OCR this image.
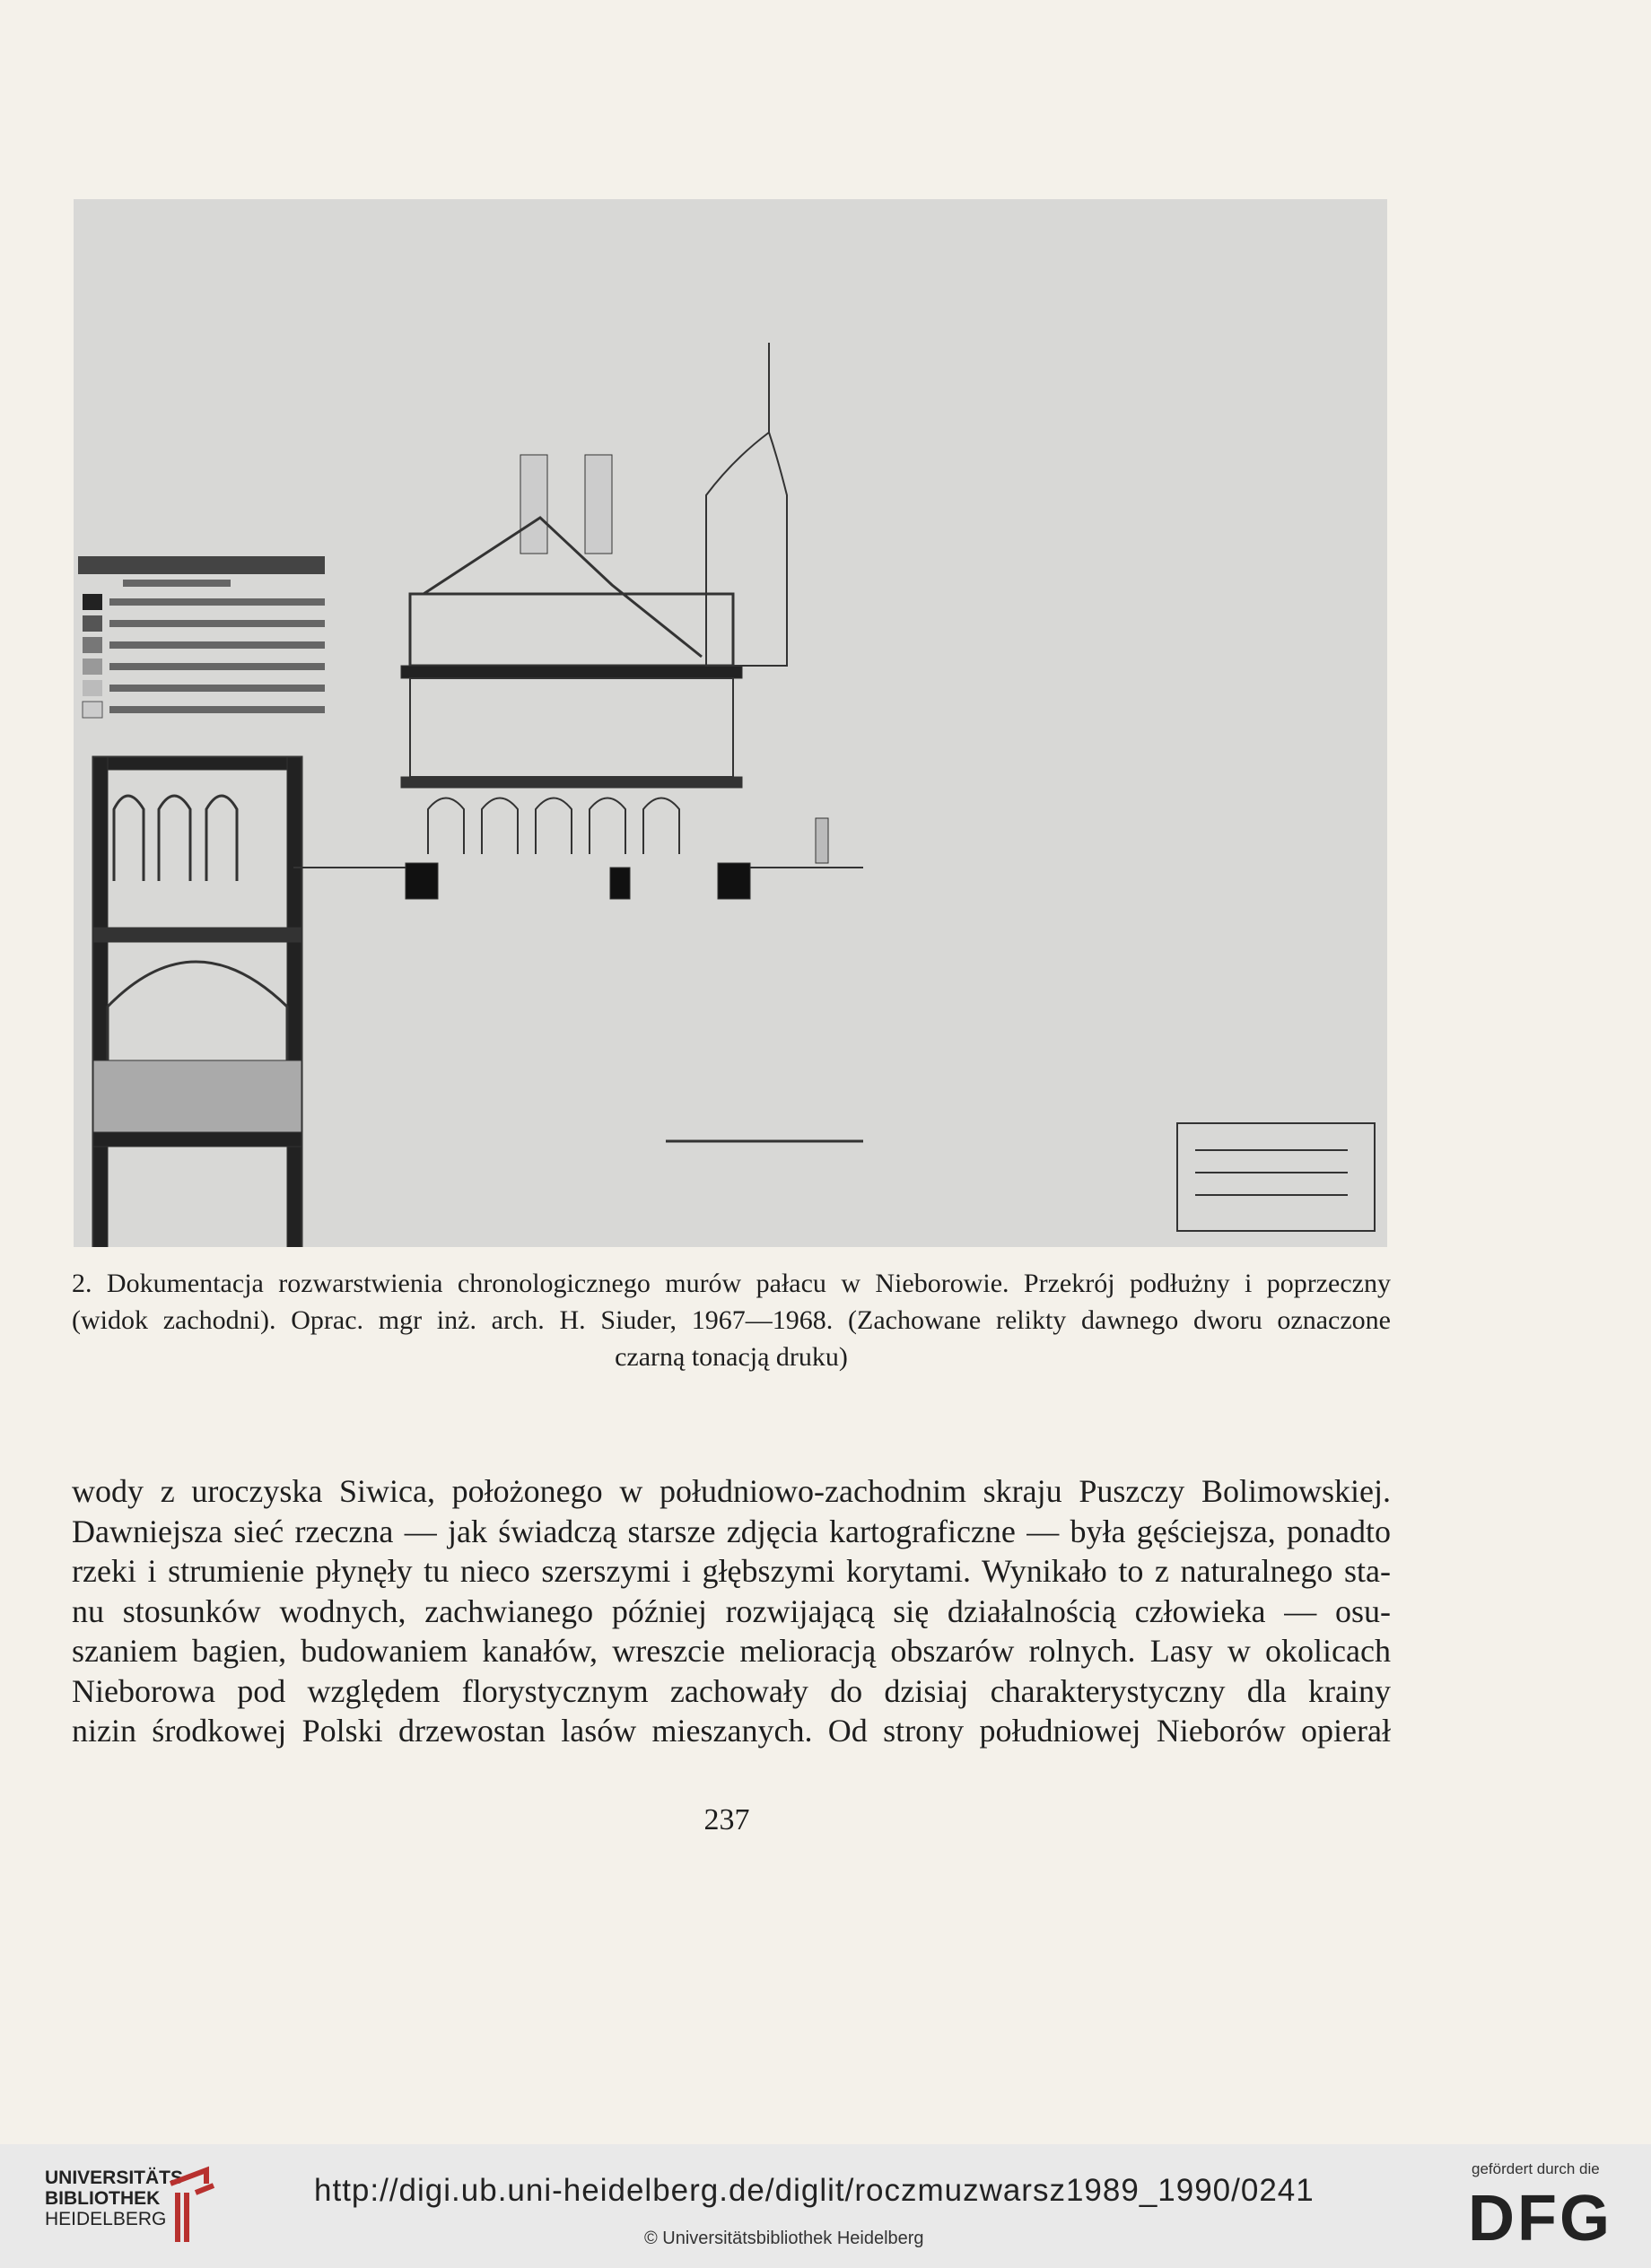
2. Dokumentacja rozwarstwienia chronologicznego murów pałacu w Nieborowie. Przekrój podłużny i poprzeczny
(widok zachodni). Oprac. mgr inż. arch. H. Siuder, 1967—1968. (Zachowane relikty dawnego dworu oznaczone
czarną tonacją druku)
wody z uroczyska Siwica, położonego w południowo-zachodnim skraju Puszczy Bolimowskiej.
Dawniejsza sieć rzeczna — jak świadczą starsze zdjęcia kartograficzne — była gęściejsza, ponadto
rzeki i strumienie płynęły tu nieco szerszymi i głębszymi korytami. Wynikało to z naturalnego sta-
nu stosunków wodnych, zachwianego później rozwijającą się działalnością człowieka — osu-
szaniem bagien, budowaniem kanałów, wreszcie melioracją obszarów rolnych. Lasy w okolicach
Nieborowa pod względem florystycznym zachowały do dzisiaj charakterystyczny dla krainy
nizin środkowej Polski drzewostan lasów mieszanych. Od strony południowej Nieborów opierał
237
UNIVERSITÄTS-
BIBLIOTHEK
HEIDELBERG
http://digi.ub.uni-heidelberg.de/diglit/roczmuzwarsz1989_1990/0241
© Universitätsbibliothek Heidelberg
gefördert durch die
DFG
